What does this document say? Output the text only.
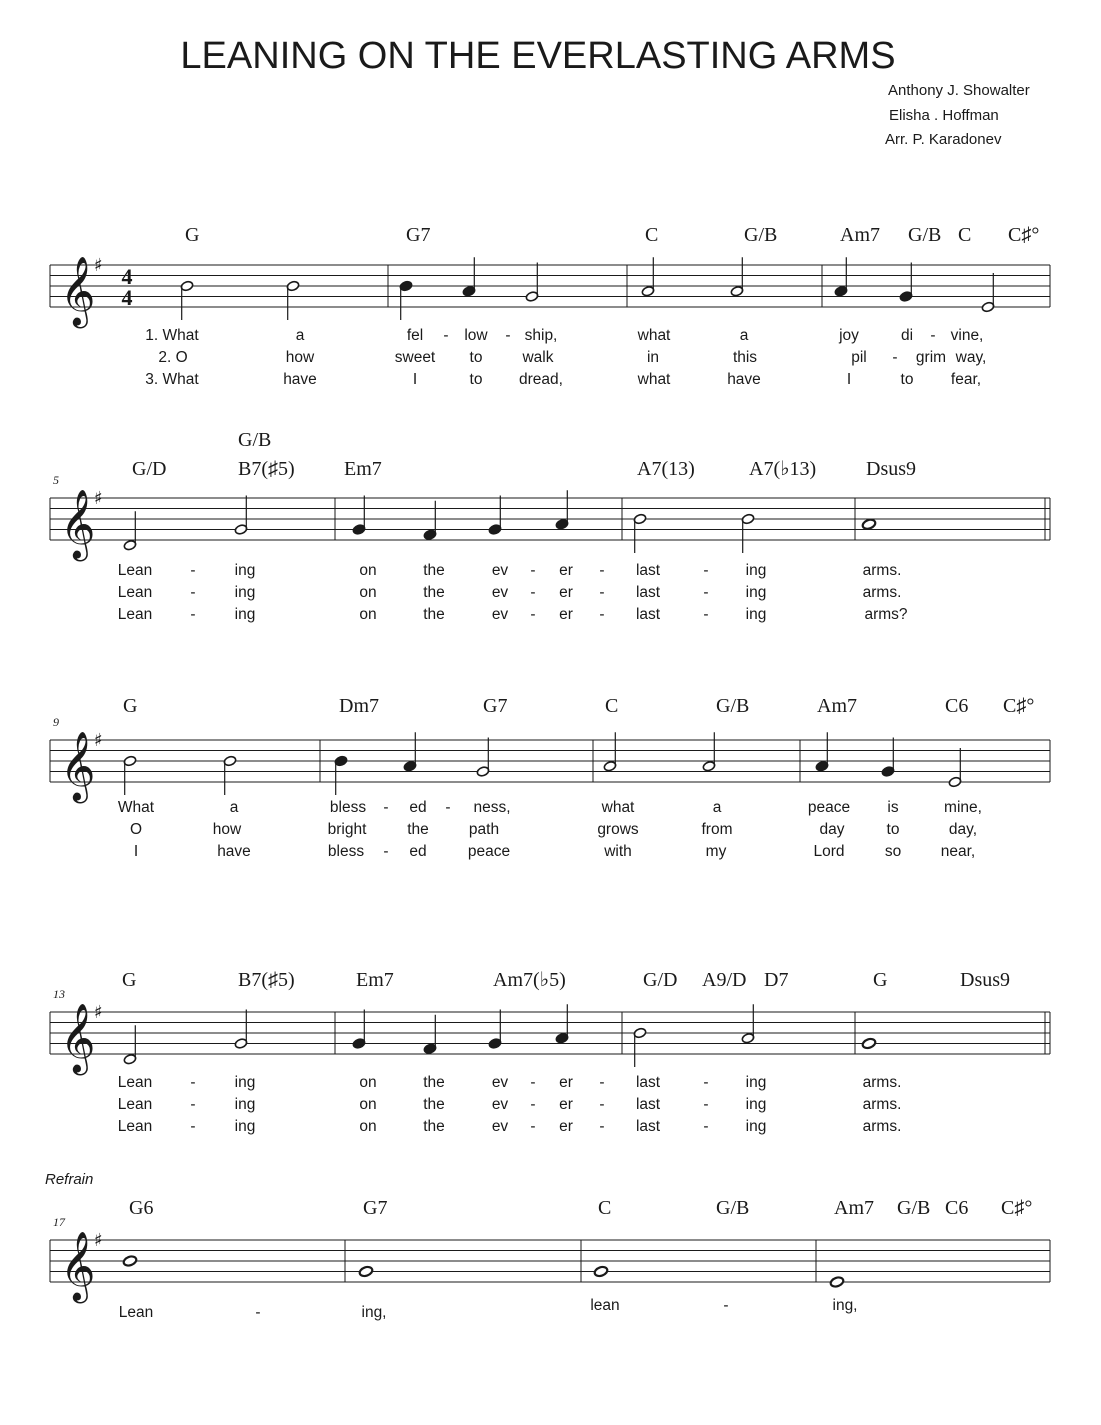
LEANING ON THE EVERLASTING ARMS
Anthony J. Showalter
Elisha . Hoffman
Arr. P. Karadonev
𝄞
♯ 4
4
G	G7	C	G/B	Am7 G/B C C♯°
1. What	a	fel - low - ship,	what	a	joy	di - vine,
2. O	how	sweet to	walk	in	this	pil - grim way,
3. What	have	I	to dread,	what	have	I	to fear,
𝄞
♯
5	G/D
G/B
B7(♯5) Em7	A7(13)	A7(♭13) Dsus9
Lean -	ing	on	the	ev - er - last	- ing	arms.
Lean -	ing	on	the	ev - er - last	- ing	arms.
Lean -	ing	on	the	ev - er - last	- ing	arms?
𝄞
♯
9
G	Dm7	G7	C	G/B	Am7	C6 C♯°
What	a	bless - ed - ness,	what	a	peace is	mine,
O	how	bright	the	path	grows	from	day	to	day,
I	have	bless - ed	peace	with	my	Lord	so	near,
𝄞
♯
13
G	B7(♯5)	Em7	Am7(♭5)	G/D A9/D D7	G	Dsus9
Lean -	ing	on	the	ev - er - last	- ing	arms.
Lean -	ing	on	the	ev - er - last	- ing	arms.
Lean -	ing	on	the	ev - er - last	- ing	arms.
𝄞
♯
17
Refrain
G6	G7	C	G/B	Am7 G/B C6 C♯°
Lean	-	ing,	lean	-	ing,
